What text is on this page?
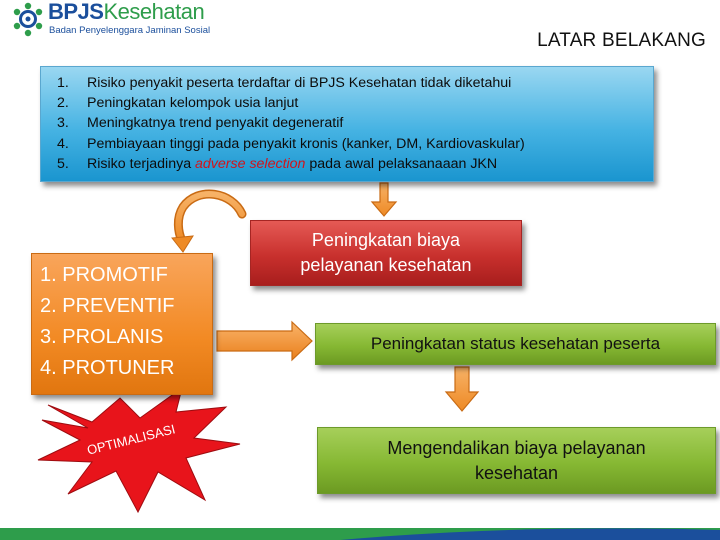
BPJSKesehatan
Badan Penyelenggara Jaminan Sosial	LATAR BELAKANG
OPTIMALISASI
1. Risiko penyakit peserta terdaftar di BPJS Kesehatan tidak diketahui
2. Peningkatan kelompok usia lanjut
3. Meningkatnya trend penyakit degeneratif
4. Pembiayaan tinggi pada penyakit kronis (kanker, DM, Kardiovaskular)
5. Risiko terjadinya adverse selection pada awal pelaksanaaan JKN
Peningkatan biaya
pelayanan kesehatan
1. PROMOTIF
2. PREVENTIF
3. PROLANIS
4. PROTUNER
Peningkatan status kesehatan peserta
Mengendalikan biaya pelayanan
kesehatan
